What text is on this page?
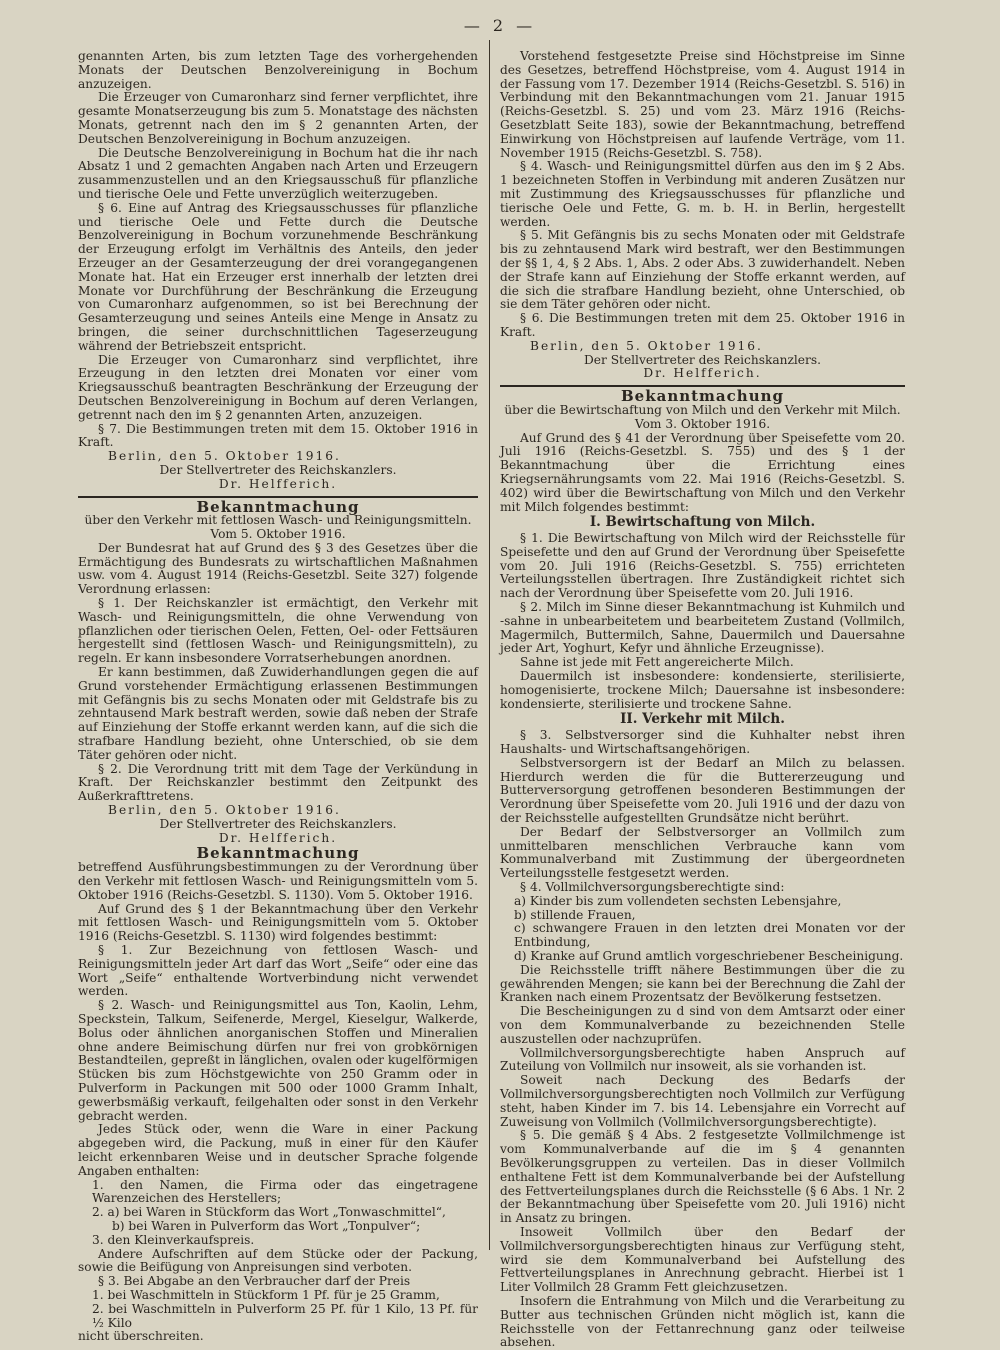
— 2 —

genannten Arten, bis zum letzten Tage des vorhergehenden Monats der Deutschen Benzolvereinigung in Bochum anzuzeigen.

Die Erzeuger von Cumaronharz sind ferner verpflichtet, ihre gesamte Monatserzeugung bis zum 5. Monatstage des nächsten Monats, getrennt nach den im § 2 genannten Arten, der Deutschen Benzolvereinigung in Bochum anzuzeigen.

Die Deutsche Benzolvereinigung in Bochum hat die ihr nach Absatz 1 und 2 gemachten Angaben nach Arten und Erzeugern zusammenzustellen und an den Kriegsausschuß für pflanzliche und tierische Oele und Fette unverzüglich weiterzugeben.

§ 6. Eine auf Antrag des Kriegsausschusses für pflanzliche und tierische Oele und Fette durch die Deutsche Benzolvereinigung in Bochum vorzunehmende Beschränkung der Erzeugung erfolgt im Verhältnis des Anteils, den jeder Erzeuger an der Gesamterzeugung der drei vorangegangenen Monate hat. Hat ein Erzeuger erst innerhalb der letzten drei Monate vor Durchführung der Beschränkung die Erzeugung von Cumaronharz aufgenommen, so ist bei Berechnung der Gesamterzeugung und seines Anteils eine Menge in Ansatz zu bringen, die seiner durchschnittlichen Tageserzeugung während der Betriebszeit entspricht.

Die Erzeuger von Cumaronharz sind verpflichtet, ihre Erzeugung in den letzten drei Monaten vor einer vom Kriegsausschuß beantragten Beschränkung der Erzeugung der Deutschen Benzolvereinigung in Bochum auf deren Verlangen, getrennt nach den im § 2 genannten Arten, anzuzeigen.

§ 7. Die Bestimmungen treten mit dem 15. Oktober 1916 in Kraft.

Berlin, den 5. Oktober 1916.

Der Stellvertreter des Reichskanzlers.

Dr. Helfferich.

Bekanntmachung

über den Verkehr mit fettlosen Wasch- und Reinigungsmitteln.

Vom 5. Oktober 1916.

Der Bundesrat hat auf Grund des § 3 des Gesetzes über die Ermächtigung des Bundesrats zu wirtschaftlichen Maßnahmen usw. vom 4. August 1914 (Reichs-Gesetzbl. Seite 327) folgende Verordnung erlassen:

§ 1. Der Reichskanzler ist ermächtigt, den Verkehr mit Wasch- und Reinigungsmitteln, die ohne Verwendung von pflanzlichen oder tierischen Oelen, Fetten, Oel- oder Fettsäuren hergestellt sind (fettlosen Wasch- und Reinigungsmitteln), zu regeln. Er kann insbesondere Vorratserhebungen anordnen.

Er kann bestimmen, daß Zuwiderhandlungen gegen die auf Grund vorstehender Ermächtigung erlassenen Bestimmungen mit Gefängnis bis zu sechs Monaten oder mit Geldstrafe bis zu zehntausend Mark bestraft werden, sowie daß neben der Strafe auf Einziehung der Stoffe erkannt werden kann, auf die sich die strafbare Handlung bezieht, ohne Unterschied, ob sie dem Täter gehören oder nicht.

§ 2. Die Verordnung tritt mit dem Tage der Verkündung in Kraft. Der Reichskanzler bestimmt den Zeitpunkt des Außerkrafttretens.

Berlin, den 5. Oktober 1916.

Der Stellvertreter des Reichskanzlers.

Dr. Helfferich.

Bekanntmachung

betreffend Ausführungsbestimmungen zu der Verordnung über den Verkehr mit fettlosen Wasch- und Reinigungsmitteln vom 5. Oktober 1916 (Reichs-Gesetzbl. S. 1130). Vom 5. Oktober 1916.

Auf Grund des § 1 der Bekanntmachung über den Verkehr mit fettlosen Wasch- und Reinigungsmitteln vom 5. Oktober 1916 (Reichs-Gesetzbl. S. 1130) wird folgendes bestimmt:

§ 1. Zur Bezeichnung von fettlosen Wasch- und Reinigungsmitteln jeder Art darf das Wort „Seife“ oder eine das Wort „Seife“ enthaltende Wortverbindung nicht verwendet werden.

§ 2. Wasch- und Reinigungsmittel aus Ton, Kaolin, Lehm, Speckstein, Talkum, Seifenerde, Mergel, Kieselgur, Walkerde, Bolus oder ähnlichen anorganischen Stoffen und Mineralien ohne andere Beimischung dürfen nur frei von grobkörnigen Bestandteilen, gepreßt in länglichen, ovalen oder kugelförmigen Stücken bis zum Höchstgewichte von 250 Gramm oder in Pulverform in Packungen mit 500 oder 1000 Gramm Inhalt, gewerbsmäßig verkauft, feilgehalten oder sonst in den Verkehr gebracht werden.

Jedes Stück oder, wenn die Ware in einer Packung abgegeben wird, die Packung, muß in einer für den Käufer leicht erkennbaren Weise und in deutscher Sprache folgende Angaben enthalten:

1. den Namen, die Firma oder das eingetragene Warenzeichen des Herstellers;

2. a) bei Waren in Stückform das Wort „Tonwaschmittel“,

b) bei Waren in Pulverform das Wort „Tonpulver“;

3. den Kleinverkaufspreis.

Andere Aufschriften auf dem Stücke oder der Packung, sowie die Beifügung von Anpreisungen sind verboten.

§ 3. Bei Abgabe an den Verbraucher darf der Preis

1. bei Waschmitteln in Stückform 1 Pf. für je 25 Gramm,

2. bei Waschmitteln in Pulverform 25 Pf. für 1 Kilo, 13 Pf. für ½ Kilo

nicht überschreiten.

Vorstehend festgesetzte Preise sind Höchstpreise im Sinne des Gesetzes, betreffend Höchstpreise, vom 4. August 1914 in der Fassung vom 17. Dezember 1914 (Reichs-Gesetzbl. S. 516) in Verbindung mit den Bekanntmachungen vom 21. Januar 1915 (Reichs-Gesetzbl. S. 25) und vom 23. März 1916 (Reichs-Gesetzblatt Seite 183), sowie der Bekanntmachung, betreffend Einwirkung von Höchstpreisen auf laufende Verträge, vom 11. November 1915 (Reichs-Gesetzbl. S. 758).

§ 4. Wasch- und Reinigungsmittel dürfen aus den im § 2 Abs. 1 bezeichneten Stoffen in Verbindung mit anderen Zusätzen nur mit Zustimmung des Kriegsausschusses für pflanzliche und tierische Oele und Fette, G. m. b. H. in Berlin, hergestellt werden.

§ 5. Mit Gefängnis bis zu sechs Monaten oder mit Geldstrafe bis zu zehntausend Mark wird bestraft, wer den Bestimmungen der §§ 1, 4, § 2 Abs. 1, Abs. 2 oder Abs. 3 zuwiderhandelt. Neben der Strafe kann auf Einziehung der Stoffe erkannt werden, auf die sich die strafbare Handlung bezieht, ohne Unterschied, ob sie dem Täter gehören oder nicht.

§ 6. Die Bestimmungen treten mit dem 25. Oktober 1916 in Kraft.

Berlin, den 5. Oktober 1916.

Der Stellvertreter des Reichskanzlers.

Dr. Helfferich.

Bekanntmachung

über die Bewirtschaftung von Milch und den Verkehr mit Milch.

Vom 3. Oktober 1916.

Auf Grund des § 41 der Verordnung über Speisefette vom 20. Juli 1916 (Reichs-Gesetzbl. S. 755) und des § 1 der Bekanntmachung über die Errichtung eines Kriegsernährungsamts vom 22. Mai 1916 (Reichs-Gesetzbl. S. 402) wird über die Bewirtschaftung von Milch und den Verkehr mit Milch folgendes bestimmt:

I. Bewirtschaftung von Milch.

§ 1. Die Bewirtschaftung von Milch wird der Reichsstelle für Speisefette und den auf Grund der Verordnung über Speisefette vom 20. Juli 1916 (Reichs-Gesetzbl. S. 755) errichteten Verteilungsstellen übertragen. Ihre Zuständigkeit richtet sich nach der Verordnung über Speisefette vom 20. Juli 1916.

§ 2. Milch im Sinne dieser Bekanntmachung ist Kuhmilch und -sahne in unbearbeitetem und bearbeitetem Zustand (Vollmilch, Magermilch, Buttermilch, Sahne, Dauermilch und Dauersahne jeder Art, Yoghurt, Kefyr und ähnliche Erzeugnisse).

Sahne ist jede mit Fett angereicherte Milch.

Dauermilch ist insbesondere: kondensierte, sterilisierte, homogenisierte, trockene Milch; Dauersahne ist insbesondere: kondensierte, sterilisierte und trockene Sahne.

II. Verkehr mit Milch.

§ 3. Selbstversorger sind die Kuhhalter nebst ihren Haushalts- und Wirtschaftsangehörigen.

Selbstversorgern ist der Bedarf an Milch zu belassen. Hierdurch werden die für die Buttererzeugung und Butterversorgung getroffenen besonderen Bestimmungen der Verordnung über Speisefette vom 20. Juli 1916 und der dazu von der Reichsstelle aufgestellten Grundsätze nicht berührt.

Der Bedarf der Selbstversorger an Vollmilch zum unmittelbaren menschlichen Verbrauche kann vom Kommunalverband mit Zustimmung der übergeordneten Verteilungsstelle festgesetzt werden.

§ 4. Vollmilchversorgungsberechtigte sind:

a) Kinder bis zum vollendeten sechsten Lebensjahre,

b) stillende Frauen,

c) schwangere Frauen in den letzten drei Monaten vor der Entbindung,

d) Kranke auf Grund amtlich vorgeschriebener Bescheinigung.

Die Reichsstelle trifft nähere Bestimmungen über die zu gewährenden Mengen; sie kann bei der Berechnung die Zahl der Kranken nach einem Prozentsatz der Bevölkerung festsetzen.

Die Bescheinigungen zu d sind von dem Amtsarzt oder einer von dem Kommunalverbande zu bezeichnenden Stelle auszustellen oder nachzuprüfen.

Vollmilchversorgungsberechtigte haben Anspruch auf Zuteilung von Vollmilch nur insoweit, als sie vorhanden ist.

Soweit nach Deckung des Bedarfs der Vollmilchversorgungsberechtigten noch Vollmilch zur Verfügung steht, haben Kinder im 7. bis 14. Lebensjahre ein Vorrecht auf Zuweisung von Vollmilch (Vollmilchversorgungsberechtigte).

§ 5. Die gemäß § 4 Abs. 2 festgesetzte Vollmilchmenge ist vom Kommunalverbande auf die im § 4 genannten Bevölkerungsgruppen zu verteilen. Das in dieser Vollmilch enthaltene Fett ist dem Kommunalverbande bei der Aufstellung des Fettverteilungsplanes durch die Reichsstelle (§ 6 Abs. 1 Nr. 2 der Bekanntmachung über Speisefette vom 20. Juli 1916) nicht in Ansatz zu bringen.

Insoweit Vollmilch über den Bedarf der Vollmilchversorgungsberechtigten hinaus zur Verfügung steht, wird sie dem Kommunalverband bei Aufstellung des Fettverteilungsplanes in Anrechnung gebracht. Hierbei ist 1 Liter Vollmilch 28 Gramm Fett gleichzusetzen.

Insofern die Entrahmung von Milch und die Verarbeitung zu Butter aus technischen Gründen nicht möglich ist, kann die Reichsstelle von der Fettanrechnung ganz oder teilweise absehen.
